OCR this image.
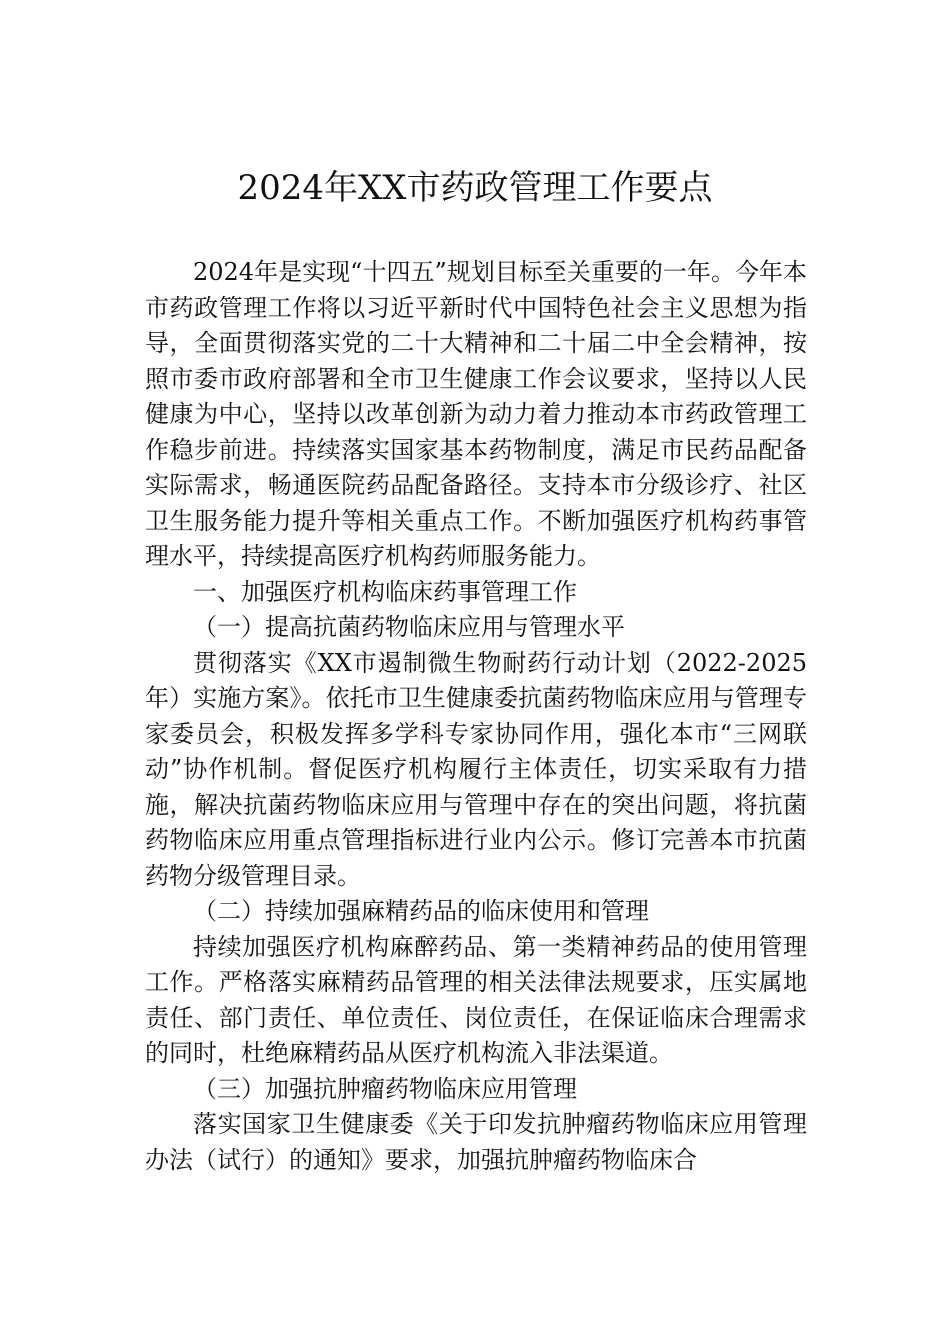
2024年XX市药政管理工作要点

2024年是实现“十四五”规划目标至关重要的一年。今年本市药政管理工作将以习近平新时代中国特色社会主义思想为指导，全面贯彻落实党的二十大精神和二十届二中全会精神，按照市委市政府部署和全市卫生健康工作会议要求，坚持以人民健康为中心，坚持以改革创新为动力着力推动本市药政管理工作稳步前进。持续落实国家基本药物制度，满足市民药品配备实际需求，畅通医院药品配备路径。支持本市分级诊疗、社区卫生服务能力提升等相关重点工作。不断加强医疗机构药事管理水平，持续提高医疗机构药师服务能力。

一、加强医疗机构临床药事管理工作

（一）提高抗菌药物临床应用与管理水平

贯彻落实《XX市遏制微生物耐药行动计划（2022-2025年）实施方案》。依托市卫生健康委抗菌药物临床应用与管理专家委员会，积极发挥多学科专家协同作用，强化本市“三网联动”协作机制。督促医疗机构履行主体责任，切实采取有力措施，解决抗菌药物临床应用与管理中存在的突出问题，将抗菌药物临床应用重点管理指标进行业内公示。修订完善本市抗菌药物分级管理目录。

（二）持续加强麻精药品的临床使用和管理

持续加强医疗机构麻醉药品、第一类精神药品的使用管理工作。严格落实麻精药品管理的相关法律法规要求，压实属地责任、部门责任、单位责任、岗位责任，在保证临床合理需求的同时，杜绝麻精药品从医疗机构流入非法渠道。

（三）加强抗肿瘤药物临床应用管理

落实国家卫生健康委《关于印发抗肿瘤药物临床应用管理办法（试行）的通知》要求，加强抗肿瘤药物临床合
